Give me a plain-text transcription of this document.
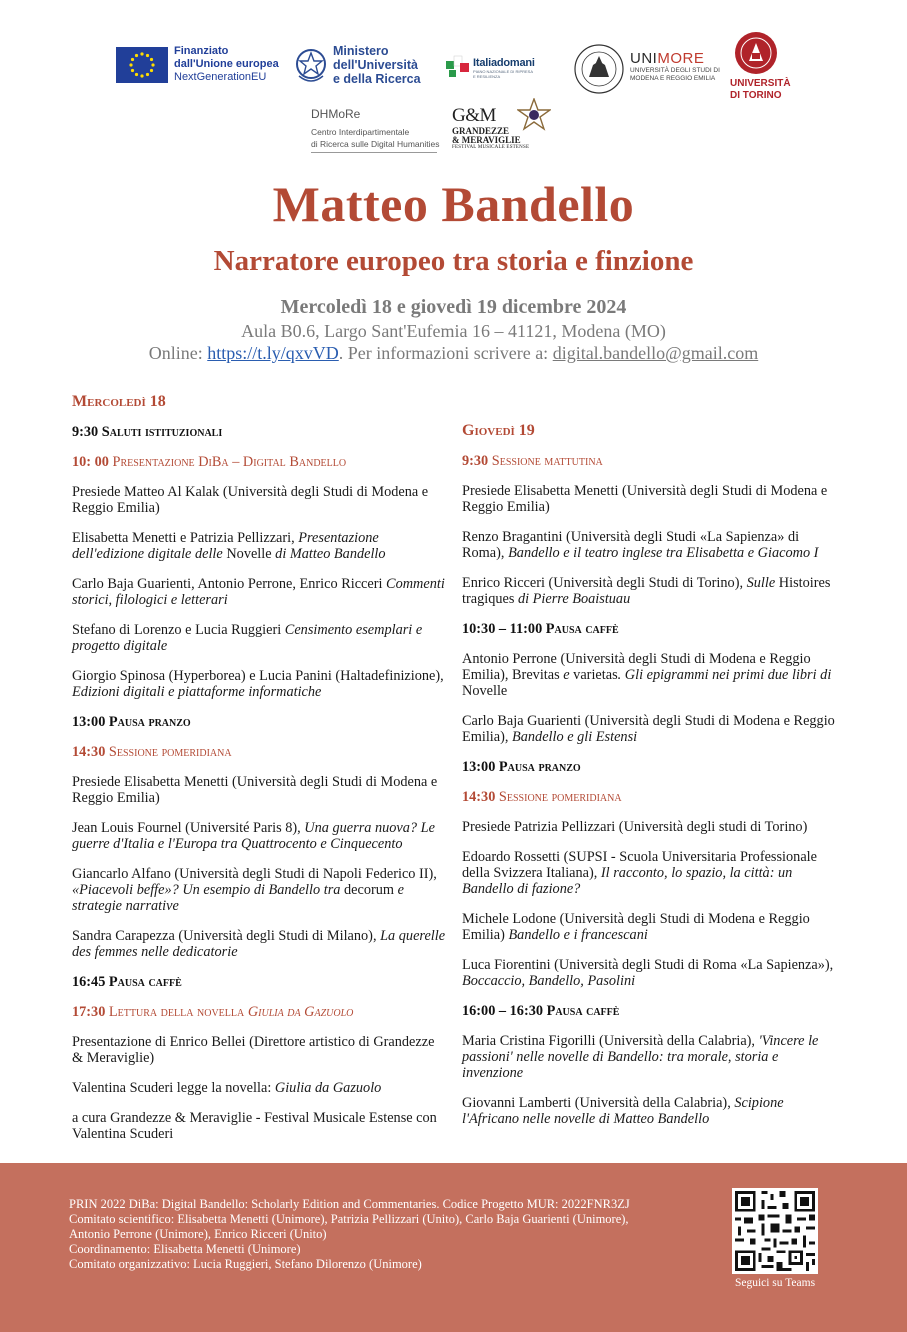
Finanziato
dall'Unione europea
NextGenerationEU
Ministero
dell'Università
e della Ricerca
Italiadomani
PIANO NAZIONALE DI RIPRESA E RESILIENZA
UNIMORE
UNIVERSITÀ DEGLI STUDI DI
MODENA E REGGIO EMILIA	UNIVERSITÀ
DI TORINO
DHMoRe
Centro Interdipartimentale
di Ricerca sulle Digital Humanities
G&M
GRANDEZZE
& MERAVIGLIE
FESTIVAL MUSICALE ESTENSE
Matteo Bandello
Narratore europeo tra storia e finzione
Mercoledì 18 e giovedì 19 dicembre 2024
Aula B0.6, Largo Sant'Eufemia 16 – 41121, Modena (MO)
Online: https://t.ly/qxvVD. Per informazioni scrivere a: digital.bandello@gmail.com
Mercoledì 18
9:30 Saluti istituzionali
10: 00 Presentazione DiBa – Digital Bandello
Presiede Matteo Al Kalak (Università degli Studi di Modena e Reggio Emilia)
Elisabetta Menetti e Patrizia Pellizzari, Presentazione dell'edizione digitale delle Novelle di Matteo Bandello
Carlo Baja Guarienti, Antonio Perrone, Enrico Ricceri Commenti storici, filologici e letterari
Stefano di Lorenzo e Lucia Ruggieri Censimento esemplari e progetto digitale
Giorgio Spinosa (Hyperborea) e Lucia Panini (Haltadefinizione), Edizioni digitali e piattaforme informatiche
13:00 Pausa pranzo
14:30 Sessione pomeridiana
Presiede Elisabetta Menetti (Università degli Studi di Modena e Reggio Emilia)
Jean Louis Fournel (Université Paris 8), Una guerra nuova? Le guerre d'Italia e l'Europa tra Quattrocento e Cinquecento
Giancarlo Alfano (Università degli Studi di Napoli Federico II), «Piacevoli beffe»? Un esempio di Bandello tra decorum e strategie narrative
Sandra Carapezza (Università degli Studi di Milano), La querelle des femmes nelle dedicatorie
16:45 Pausa caffè
17:30 Lettura della novella Giulia da Gazuolo
Presentazione di Enrico Bellei (Direttore artistico di Grandezze & Meraviglie)
Valentina Scuderi legge la novella: Giulia da Gazuolo
a cura Grandezze & Meraviglie - Festival Musicale Estense con Valentina Scuderi
Giovedì 19
9:30 Sessione mattutina
Presiede Elisabetta Menetti (Università degli Studi di Modena e Reggio Emilia)
Renzo Bragantini (Università degli Studi «La Sapienza» di Roma), Bandello e il teatro inglese tra Elisabetta e Giacomo I
Enrico Ricceri (Università degli Studi di Torino), Sulle Histoires tragiques di Pierre Boaistuau
10:30 – 11:00 Pausa caffè
Antonio Perrone (Università degli Studi di Modena e Reggio Emilia), Brevitas e varietas. Gli epigrammi nei primi due libri di Novelle
Carlo Baja Guarienti (Università degli Studi di Modena e Reggio Emilia), Bandello e gli Estensi
13:00 Pausa pranzo
14:30 Sessione pomeridiana
Presiede Patrizia Pellizzari (Università degli studi di Torino)
Edoardo Rossetti (SUPSI - Scuola Universitaria Professionale della Svizzera Italiana), Il racconto, lo spazio, la città: un Bandello di fazione?
Michele Lodone (Università degli Studi di Modena e Reggio Emilia) Bandello e i francescani
Luca Fiorentini (Università degli Studi di Roma «La Sapienza»), Boccaccio, Bandello, Pasolini
16:00 – 16:30 Pausa caffè
Maria Cristina Figorilli (Università della Calabria), 'Vincere le passioni' nelle novelle di Bandello: tra morale, storia e invenzione
Giovanni Lamberti (Università della Calabria), Scipione l'Africano nelle novelle di Matteo Bandello
PRIN 2022 DiBa: Digital Bandello: Scholarly Edition and Commentaries. Codice Progetto MUR: 2022FNR3ZJ
Comitato scientifico: Elisabetta Menetti (Unimore), Patrizia Pellizzari (Unito), Carlo Baja Guarienti (Unimore),
Antonio Perrone (Unimore), Enrico Ricceri (Unito)
Coordinamento: Elisabetta Menetti (Unimore)
Comitato organizzativo: Lucia Ruggieri, Stefano Dilorenzo (Unimore)
Seguici su Teams
